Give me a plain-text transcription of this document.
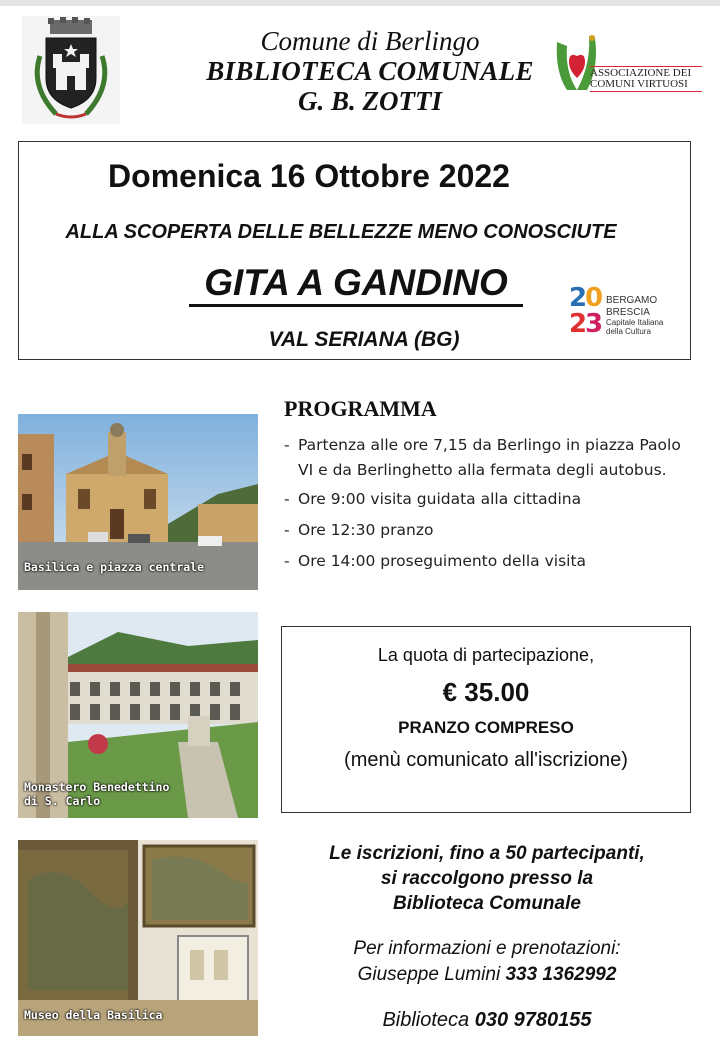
Comune di Berlingo
BIBLIOTECA COMUNALE
G. B. ZOTTI
ASSOCIAZIONE DEI COMUNI VIRTUOSI
Domenica 16 Ottobre 2022
ALLA SCOPERTA DELLE BELLEZZE MENO CONOSCIUTE
GITA A GANDINO
VAL SERIANA (BG)
2
0
2
3
BERGAMO
BRESCIA
Capitale Italiana
della Cultura
Basilica e piazza centrale
Monastero Benedettino
di S. Carlo
Museo della Basilica
PROGRAMMA
- Partenza alle ore 7,15 da Berlingo in piazza Paolo VI e da Berlinghetto alla fermata degli autobus.
- Ore 9:00 visita guidata alla cittadina
- Ore 12:30 pranzo
- Ore 14:00 proseguimento della visita
La quota di partecipazione,
€ 35.00
PRANZO COMPRESO
(menù comunicato all'iscrizione)
Le iscrizioni, fino a 50 partecipanti,
si raccolgono presso la
Biblioteca Comunale
Per informazioni e prenotazioni:
Giuseppe Lumini 333 1362992
Biblioteca 030 9780155
